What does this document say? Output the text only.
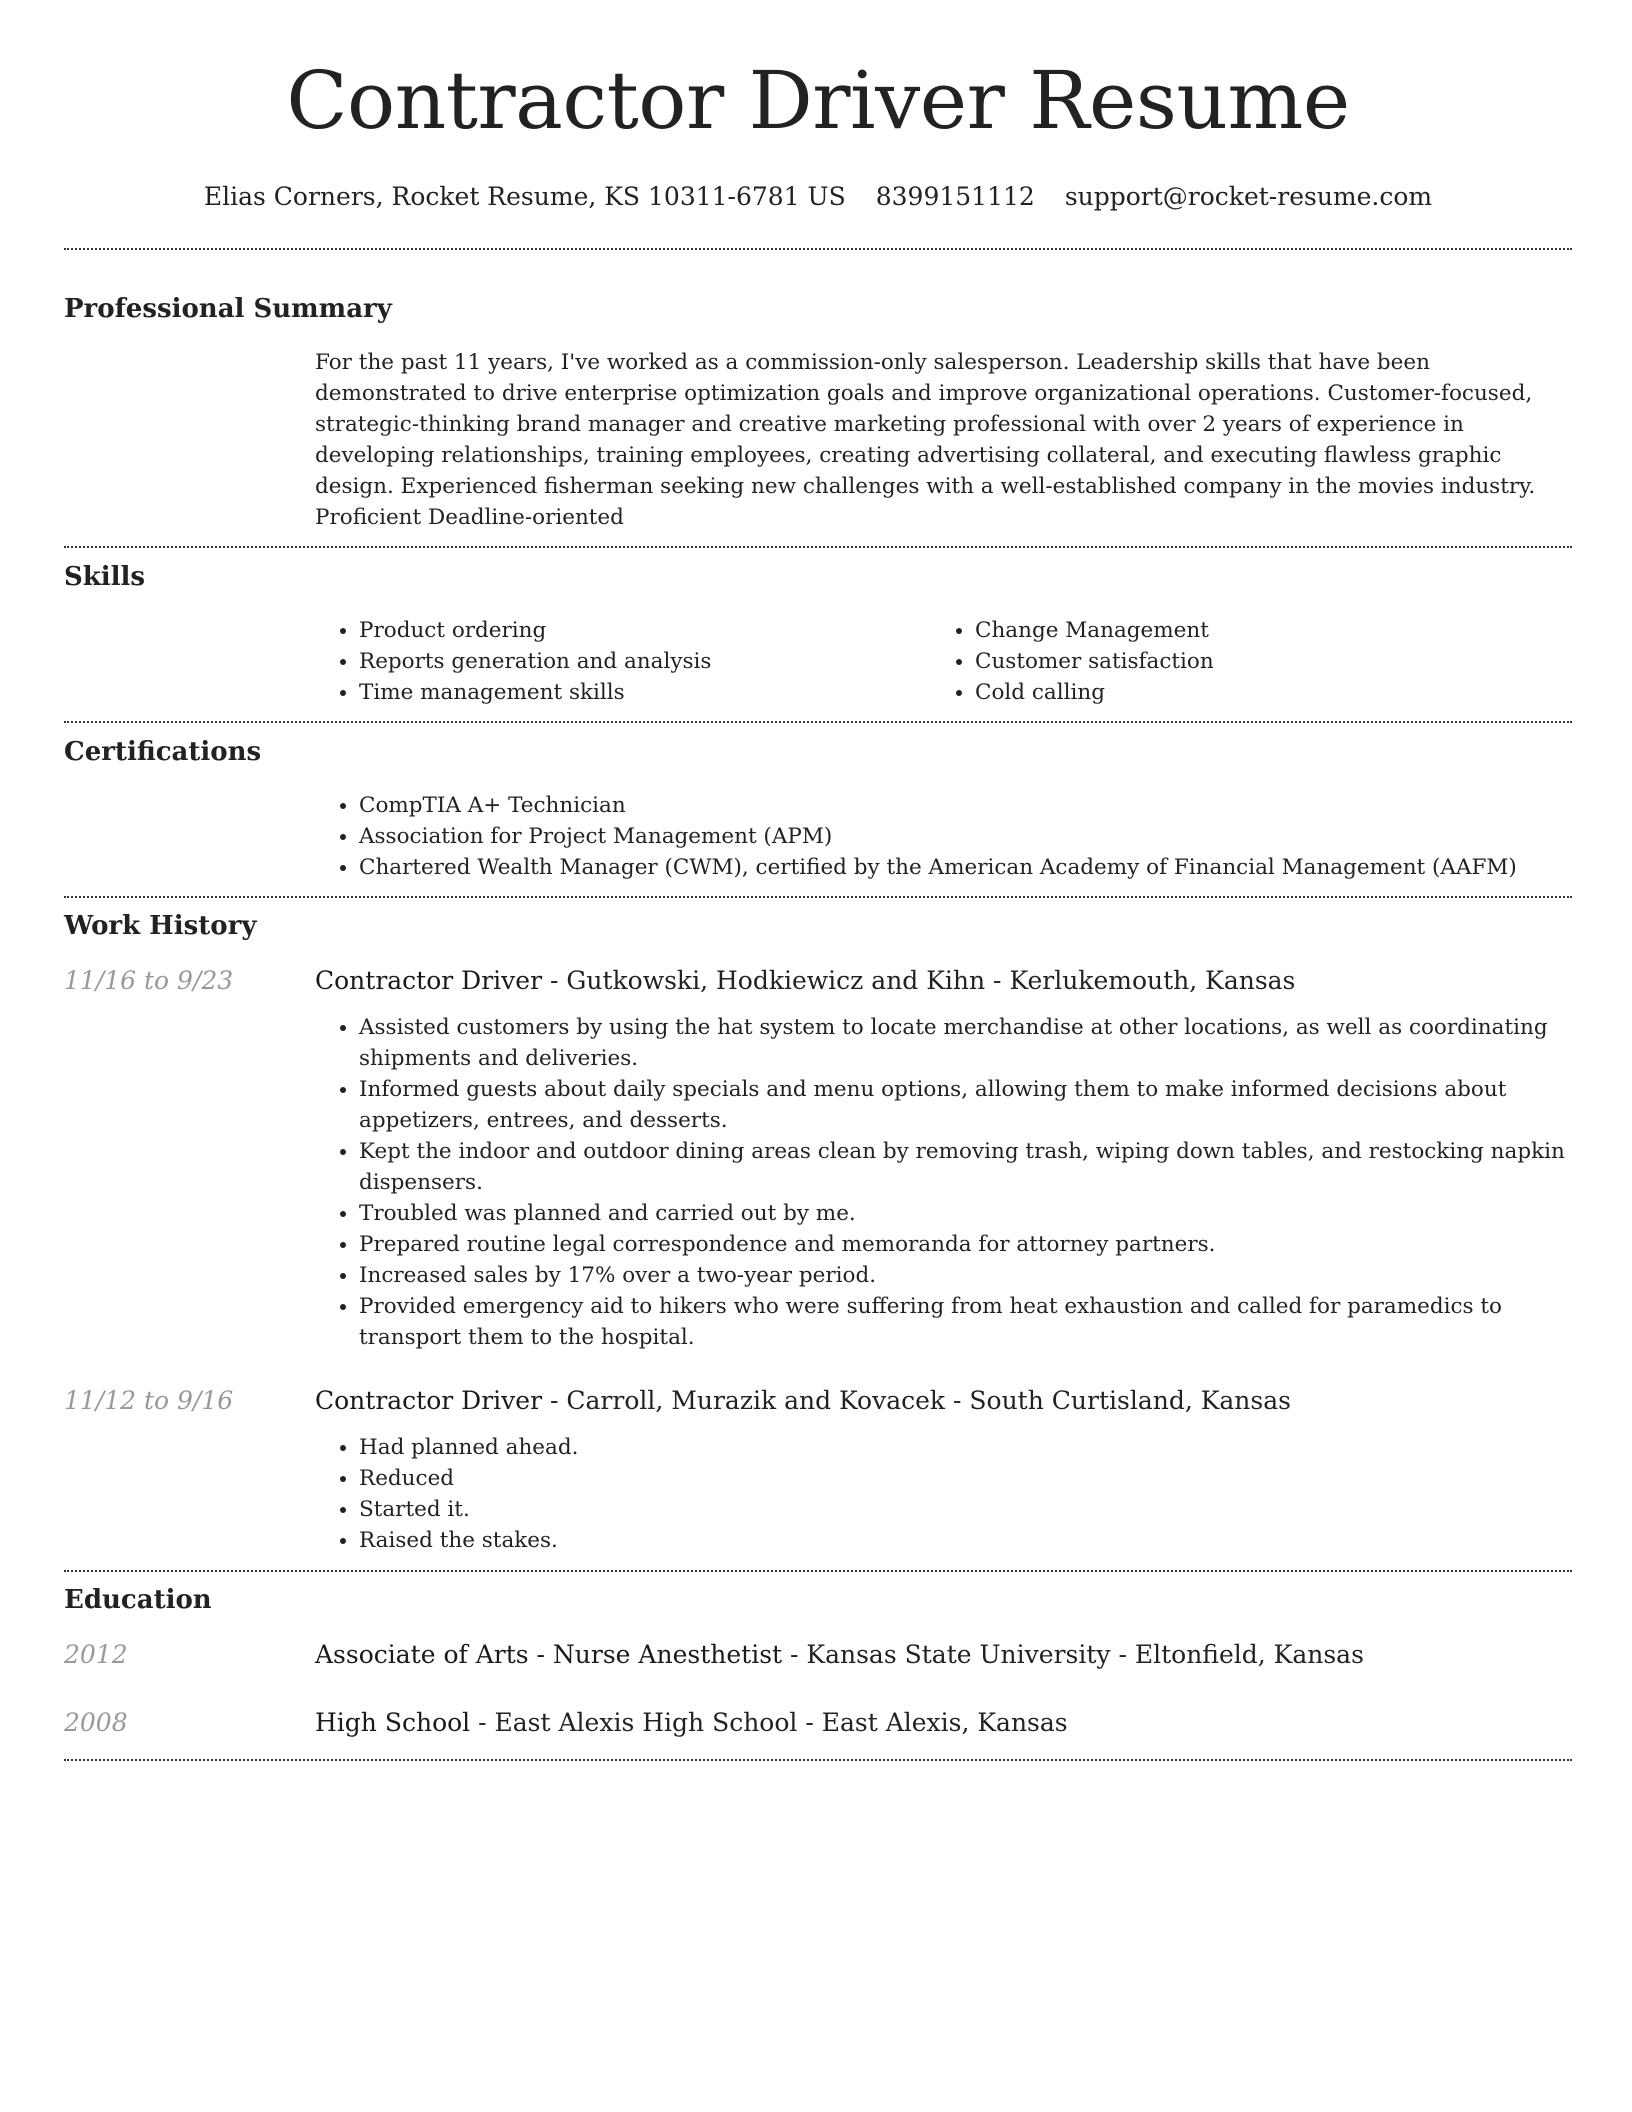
Contractor Driver Resume
Elias Corners, Rocket Resume, KS 10311-6781 US 8399151112 support@rocket-resume.com
Professional Summary

For the past 11 years, I've worked as a commission-only salesperson. Leadership skills that have been demonstrated to drive enterprise optimization goals and improve organizational operations. Customer-focused, strategic-thinking brand manager and creative marketing professional with over 2 years of experience in developing relationships, training employees, creating advertising collateral, and executing flawless graphic design. Experienced fisherman seeking new challenges with a well-established company in the movies industry. Proficient Deadline-oriented

Skills
• Product ordering
• Reports generation and analysis
• Time management skills
• Change Management
• Customer satisfaction
• Cold calling
Certifications
• CompTIA A+ Technician
• Association for Project Management (APM)
• Chartered Wealth Manager (CWM), certified by the American Academy of Financial Management (AAFM)
Work History
11/16 to 9/23	Contractor Driver - Gutkowski, Hodkiewicz and Kihn - Kerlukemouth, Kansas
• Assisted customers by using the hat system to locate merchandise at other locations, as well as coordinating shipments and deliveries.
• Informed guests about daily specials and menu options, allowing them to make informed decisions about appetizers, entrees, and desserts.
• Kept the indoor and outdoor dining areas clean by removing trash, wiping down tables, and restocking napkin dispensers.
• Troubled was planned and carried out by me.
• Prepared routine legal correspondence and memoranda for attorney partners.
• Increased sales by 17% over a two-year period.
• Provided emergency aid to hikers who were suffering from heat exhaustion and called for paramedics to transport them to the hospital.
11/12 to 9/16	Contractor Driver - Carroll, Murazik and Kovacek - South Curtisland, Kansas
• Had planned ahead.
• Reduced
• Started it.
• Raised the stakes.
Education
2012	Associate of Arts - Nurse Anesthetist - Kansas State University - Eltonfield, Kansas
2008	High School - East Alexis High School - East Alexis, Kansas
